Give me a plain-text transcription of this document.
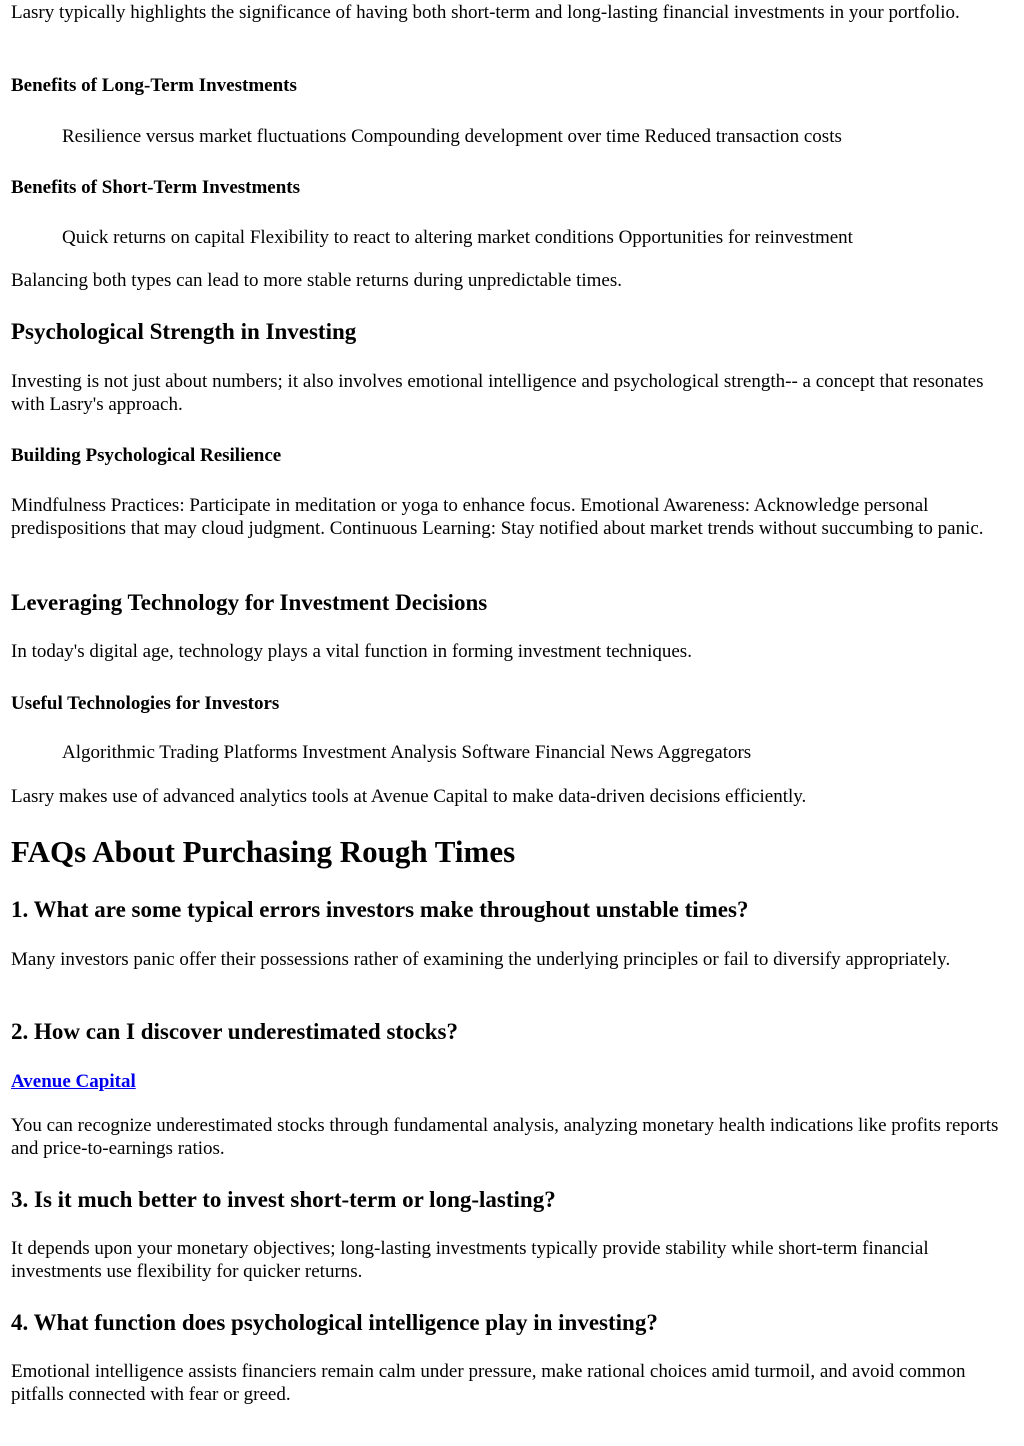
Lasry typically highlights the significance of having both short-term and long-lasting financial investments in your portfolio.

Benefits of Long-Term Investments

Resilience versus market fluctuations Compounding development over time Reduced transaction costs

Benefits of Short-Term Investments

Quick returns on capital Flexibility to react to altering market conditions Opportunities for reinvestment

Balancing both types can lead to more stable returns during unpredictable times.

Psychological Strength in Investing

Investing is not just about numbers; it also involves emotional intelligence and psychological strength-- a concept that resonates with Lasry's approach.

Building Psychological Resilience

Mindfulness Practices: Participate in meditation or yoga to enhance focus. Emotional Awareness: Acknowledge personal predispositions that may cloud judgment. Continuous Learning: Stay notified about market trends without succumbing to panic.

Leveraging Technology for Investment Decisions

In today's digital age, technology plays a vital function in forming investment techniques.

Useful Technologies for Investors

Algorithmic Trading Platforms Investment Analysis Software Financial News Aggregators

Lasry makes use of advanced analytics tools at Avenue Capital to make data-driven decisions efficiently.

FAQs About Purchasing Rough Times
1. What are some typical errors investors make throughout unstable times?

Many investors panic offer their possessions rather of examining the underlying principles or fail to diversify appropriately.

2. How can I discover underestimated stocks?

Avenue Capital

You can recognize underestimated stocks through fundamental analysis, analyzing monetary health indications like profits reports and price-to-earnings ratios.

3. Is it much better to invest short-term or long-lasting?

It depends upon your monetary objectives; long-lasting investments typically provide stability while short-term financial investments use flexibility for quicker returns.

4. What function does psychological intelligence play in investing?

Emotional intelligence assists financiers remain calm under pressure, make rational choices amid turmoil, and avoid common pitfalls connected with fear or greed.
